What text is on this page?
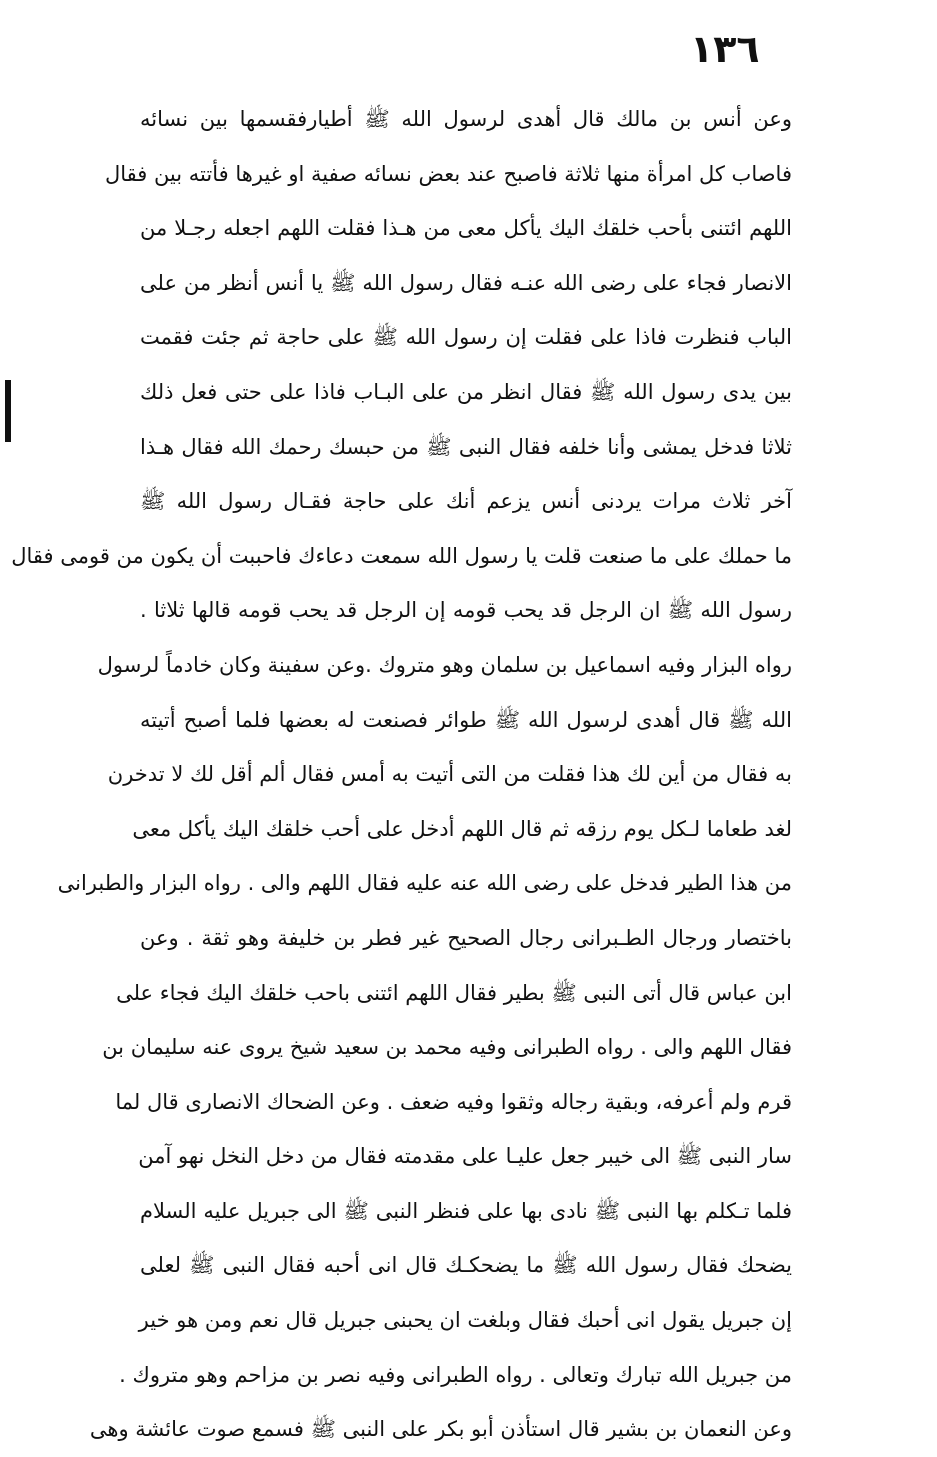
١٣٦
وعن أنس بن مالك قال أهدى لرسول الله ﷺ أطيارفقسمها بين نسائه
فاصاب كل امرأة منها ثلاثة فاصبح عند بعض نسائه صفية او غيرها فأتته بين فقال
اللهم ائتنى بأحب خلقك اليك يأكل معى من هـذا فقلت اللهم اجعله رجـلا من
الانصار فجاء على رضى الله عنـه فقال رسول الله ﷺ يا أنس أنظر من على
الباب فنظرت فاذا على فقلت إن رسول الله ﷺ على حاجة ثم جئت فقمت
بين يدى رسول الله ﷺ فقال انظر من على البـاب فاذا على حتى فعل ذلك
ثلاثا فدخل يمشى وأنا خلفه فقال النبى ﷺ من حبسك رحمك الله فقال هـذا
آخر ثلاث مرات يردنى أنس يزعم أنك على حاجة فقـال رسول الله ﷺ
ما حملك على ما صنعت قلت يا رسول الله سمعت دعاءك فاحببت أن يكون من قومى فقال
رسول الله ﷺ ان الرجل قد يحب قومه إن الرجل قد يحب قومه قالها ثلاثا .
رواه البزار وفيه اسماعيل بن سلمان وهو متروك .وعن سفينة وكان خادماً لرسول
الله ﷺ قال أهدى لرسول الله ﷺ طوائر فصنعت له بعضها فلما أصبح أتيته
به فقال من أين لك هذا فقلت من التى أتيت به أمس فقال ألم أقل لك لا تدخرن
لغد طعاما لـكل يوم رزقه ثم قال اللهم أدخل على أحب خلقك اليك يأكل معى
من هذا الطير فدخل على رضى الله عنه عليه فقال اللهم والى . رواه البزار والطبرانى
باختصار ورجال الطـبرانى رجال الصحيح غير فطر بن خليفة وهو ثقة . وعن
ابن عباس قال أتى النبى ﷺ بطير فقال اللهم ائتنى باحب خلقك اليك فجاء على
فقال اللهم والى . رواه الطبرانى وفيه محمد بن سعيد شيخ يروى عنه سليمان بن
قرم ولم أعرفه، وبقية رجاله وثقوا وفيه ضعف . وعن الضحاك الانصارى قال لما
سار النبى ﷺ الى خيبر جعل عليـا على مقدمته فقال من دخل النخل نهو آمن
فلما تـكلم بها النبى ﷺ نادى بها على فنظر النبى ﷺ الى جبريل عليه السلام
يضحك فقال رسول الله ﷺ ما يضحكـك قال انى أحبه فقال النبى ﷺ لعلى
إن جبريل يقول انى أحبك فقال وبلغت ان يحبنى جبريل قال نعم ومن هو خير
من جبريل الله تبارك وتعالى . رواه الطبرانى وفيه نصر بن مزاحم وهو متروك .
وعن النعمان بن بشير قال استأذن أبو بكر على النبى ﷺ فسمع صوت عائشة وهى
